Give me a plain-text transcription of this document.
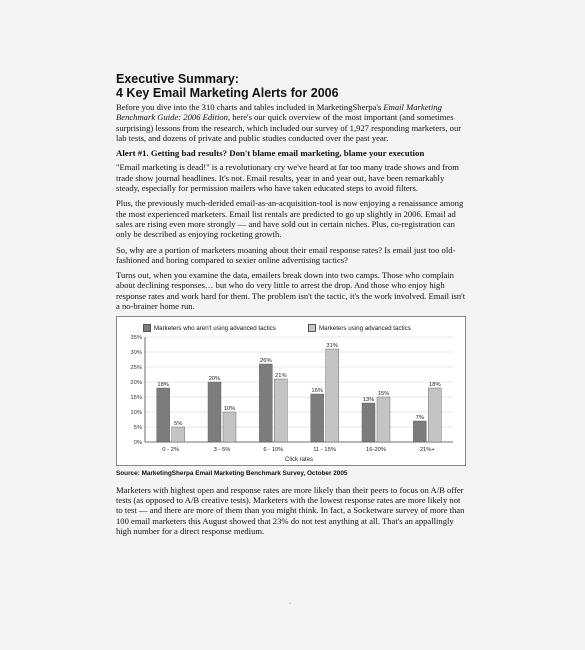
Executive Summary:
4 Key Email Marketing Alerts for 2006

Before you dive into the 310 charts and tables included in MarketingSherpa's Email Marketing Benchmark Guide: 2006 Edition, here's our quick overview of the most important (and sometimes surprising) lessons from the research, which included our survey of 1,927 responding marketers, our lab tests, and dozens of private and public studies conducted over the past year.

Alert #1. Getting bad results? Don't blame email marketing, blame your execution

"Email marketing is dead!" is a revolutionary cry we've heard at far too many trade shows and from trade show journal headlines. It's not. Email results, year in and year out, have been remarkably steady, especially for permission mailers who have taken educated steps to avoid filters.

Plus, the previously much-derided email-as-an-acquisition-tool is now enjoying a renaissance among the most experienced marketers. Email list rentals are predicted to go up slightly in 2006. Email ad sales are rising even more strongly — and have sold out in certain niches. Plus, co-registration can only be described as enjoying rocketing growth.

So, why are a portion of marketers moaning about their email response rates? Is email just too old-fashioned and boring compared to sexier online advertising tactics?

Turns out, when you examine the data, emailers break down into two camps. Those who complain about declining responses… but who do very little to arrest the drop. And those who enjoy high response rates and work hard for them. The problem isn't the tactic, it's the work involved. Email isn't a no-brainer home run.

Marketers who aren't using advanced tactics	Marketers using advanced tactics
0%
5%
10%
15%
20%
25%
30%
35%
18%
5%
0 - 2%
20%
10%
3 - 5%
26%
21%
6 - 10%
16%
31%
11 - 15%
13%
15%
16-20%
7%
18%
21%+
Click rates

Source: MarketingSherpa Email Marketing Benchmark Survey, October 2005

Marketers with highest open and response rates are more likely than their peers to focus on A/B offer tests (as opposed to A/B creative tests). Marketers with the lowest response rates are more likely not to test — and there are more of them than you might think. In fact, a Socketware survey of more than 100 email marketers this August showed that 23% do not test anything at all. That's an appallingly high number for a direct response medium.

·
